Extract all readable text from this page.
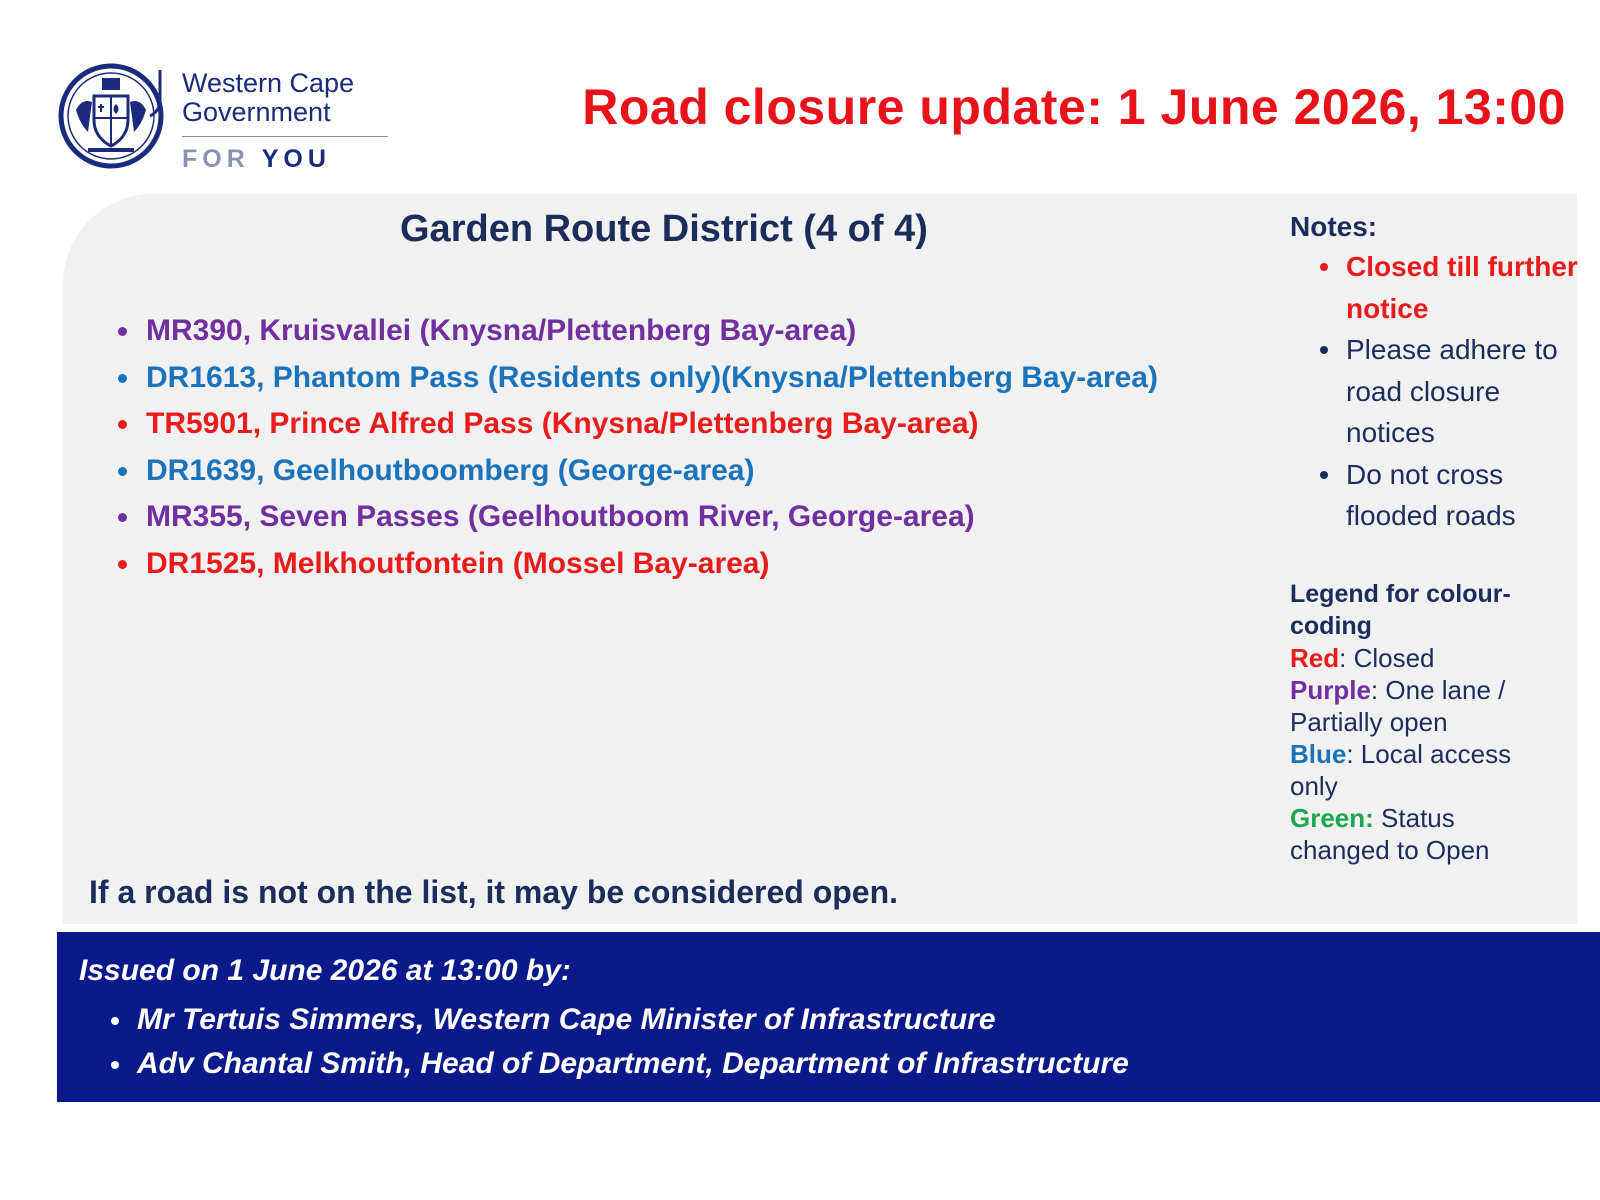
Western Cape
Government
FOR YOU
Road closure update: 1 June 2026, 13:00
Garden Route District (4 of 4)
MR390, Kruisvallei (Knysna/Plettenberg Bay-area)
DR1613, Phantom Pass (Residents only)(Knysna/Plettenberg Bay-area)
TR5901, Prince Alfred Pass (Knysna/Plettenberg Bay-area)
DR1639, Geelhoutboomberg (George-area)
MR355, Seven Passes (Geelhoutboom River, George-area)
DR1525, Melkhoutfontein (Mossel Bay-area)
If a road is not on the list, it may be considered open.
Notes:
Closed till further notice
Please adhere to road closure notices
Do not cross flooded roads
Legend for colour-coding
Red: Closed
Purple: One lane / Partially open
Blue: Local access only
Green: Status changed to Open
Issued on 1 June 2026 at 13:00 by:
Mr Tertuis Simmers, Western Cape Minister of Infrastructure
Adv Chantal Smith, Head of Department, Department of Infrastructure
